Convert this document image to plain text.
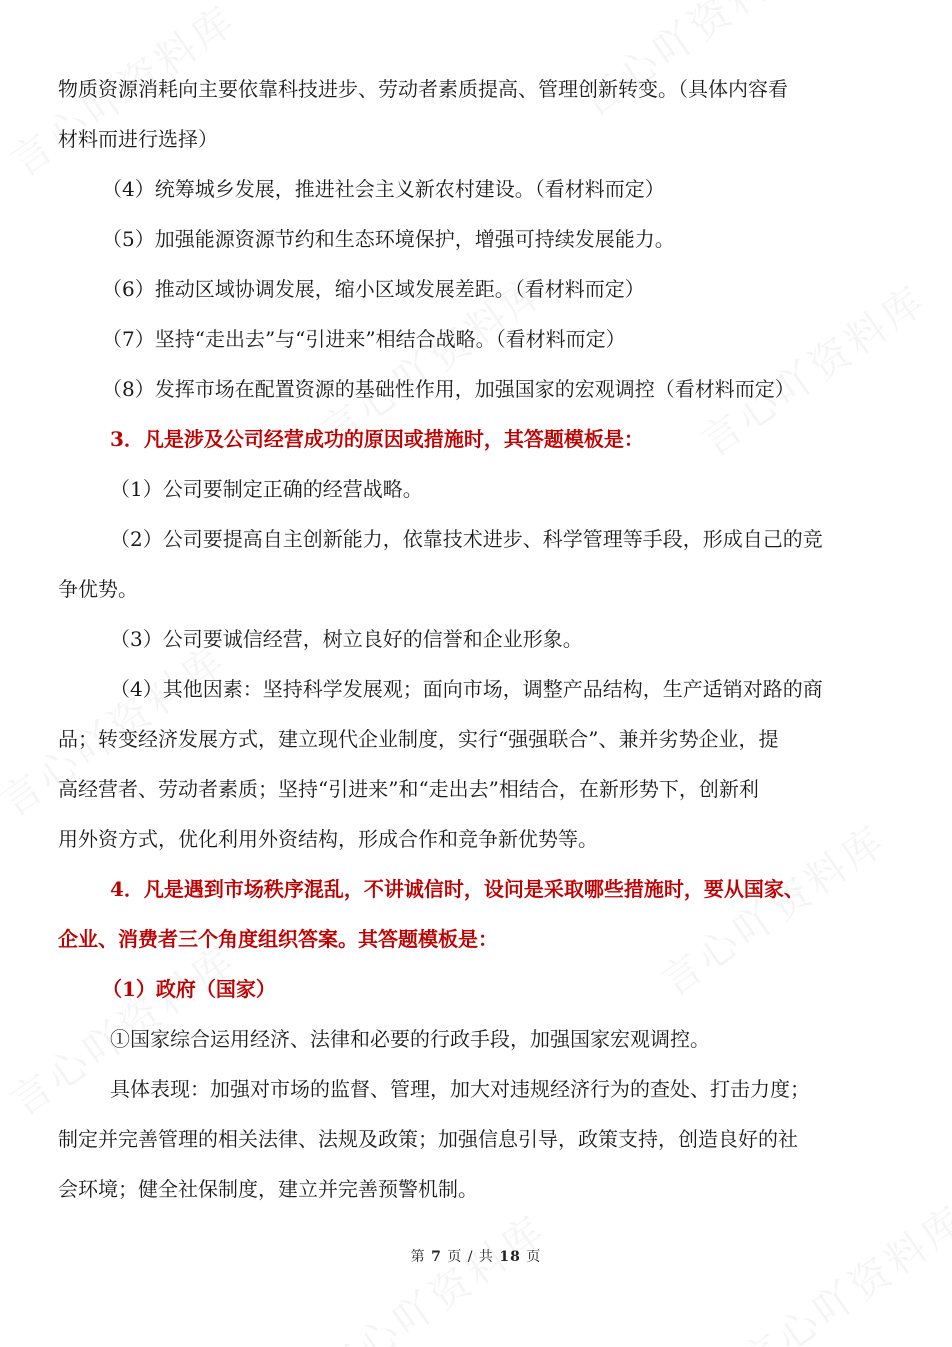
物质资源消耗向主要依靠科技进步、劳动者素质提高、管理创新转变。（具体内容看

材料而进行选择）

（4）统筹城乡发展，推进社会主义新农村建设。（看材料而定）

（5）加强能源资源节约和生态环境保护，增强可持续发展能力。

（6）推动区域协调发展，缩小区域发展差距。（看材料而定）

（7）坚持“走出去”与“引进来”相结合战略。（看材料而定）

（8）发挥市场在配置资源的基础性作用，加强国家的宏观调控（看材料而定）

3．凡是涉及公司经营成功的原因或措施时，其答题模板是：

（1）公司要制定正确的经营战略。

（2）公司要提高自主创新能力，依靠技术进步、科学管理等手段，形成自己的竞

争优势。

（3）公司要诚信经营，树立良好的信誉和企业形象。

（4）其他因素：坚持科学发展观；面向市场，调整产品结构，生产适销对路的商

品；转变经济发展方式，建立现代企业制度，实行“强强联合”、兼并劣势企业，提

高经营者、劳动者素质；坚持“引进来”和“走出去”相结合，在新形势下，创新利

用外资方式，优化利用外资结构，形成合作和竞争新优势等。

4．凡是遇到市场秩序混乱，不讲诚信时，设问是采取哪些措施时，要从国家、

企业、消费者三个角度组织答案。其答题模板是：

（1）政府（国家）

①国家综合运用经济、法律和必要的行政手段，加强国家宏观调控。

具体表现：加强对市场的监督、管理，加大对违规经济行为的查处、打击力度；

制定并完善管理的相关法律、法规及政策；加强信息引导，政策支持，创造良好的社

会环境；健全社保制度，建立并完善预警机制。

第 7 页 / 共 18 页
